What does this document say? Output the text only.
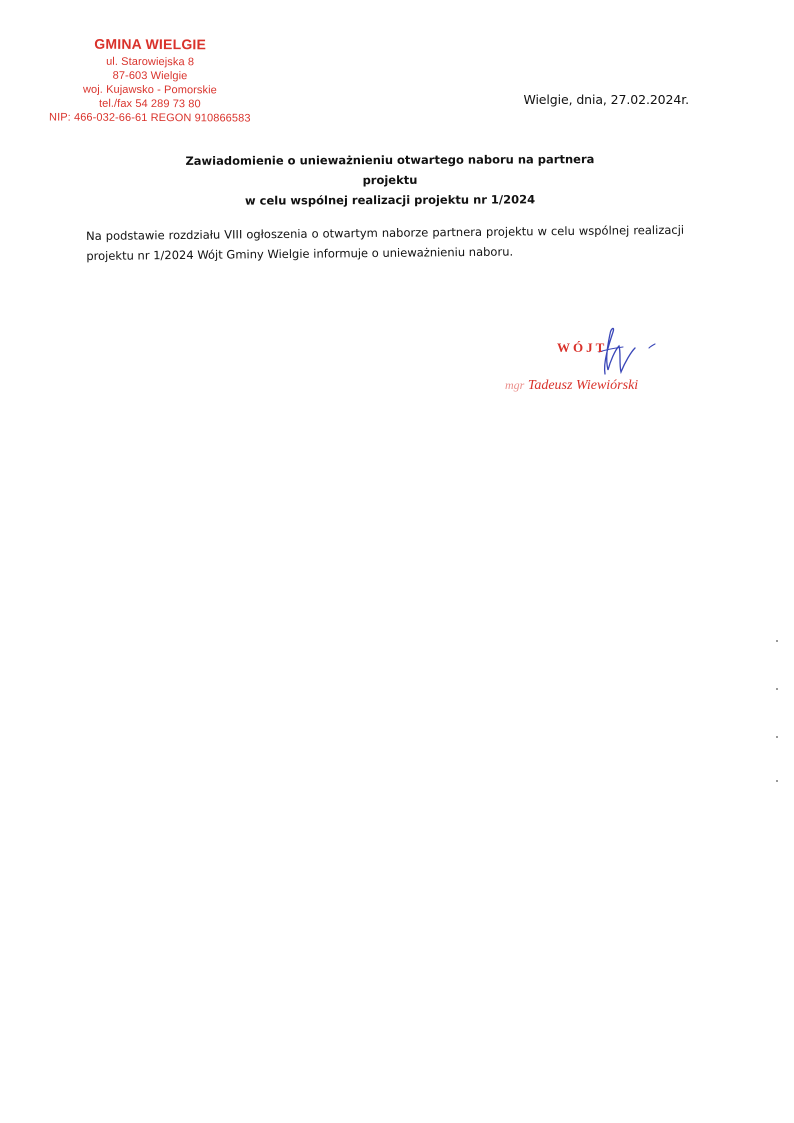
GMINA WIELGIE
ul. Starowiejska 8
87-603 Wielgie
woj. Kujawsko - Pomorskie
tel./fax 54 289 73 80
NIP: 466-032-66-61 REGON 910866583
Wielgie, dnia, 27.02.2024r.
Zawiadomienie o unieważnieniu otwartego naboru na partnera projektu
w celu wspólnej realizacji projektu nr 1/2024
Na podstawie rozdziału VIII ogłoszenia o otwartym naborze partnera projektu w celu wspólnej realizacji projektu nr 1/2024 Wójt Gminy Wielgie informuje o unieważnieniu naboru.
WÓJT
mgr Tadeusz Wiewiórski
